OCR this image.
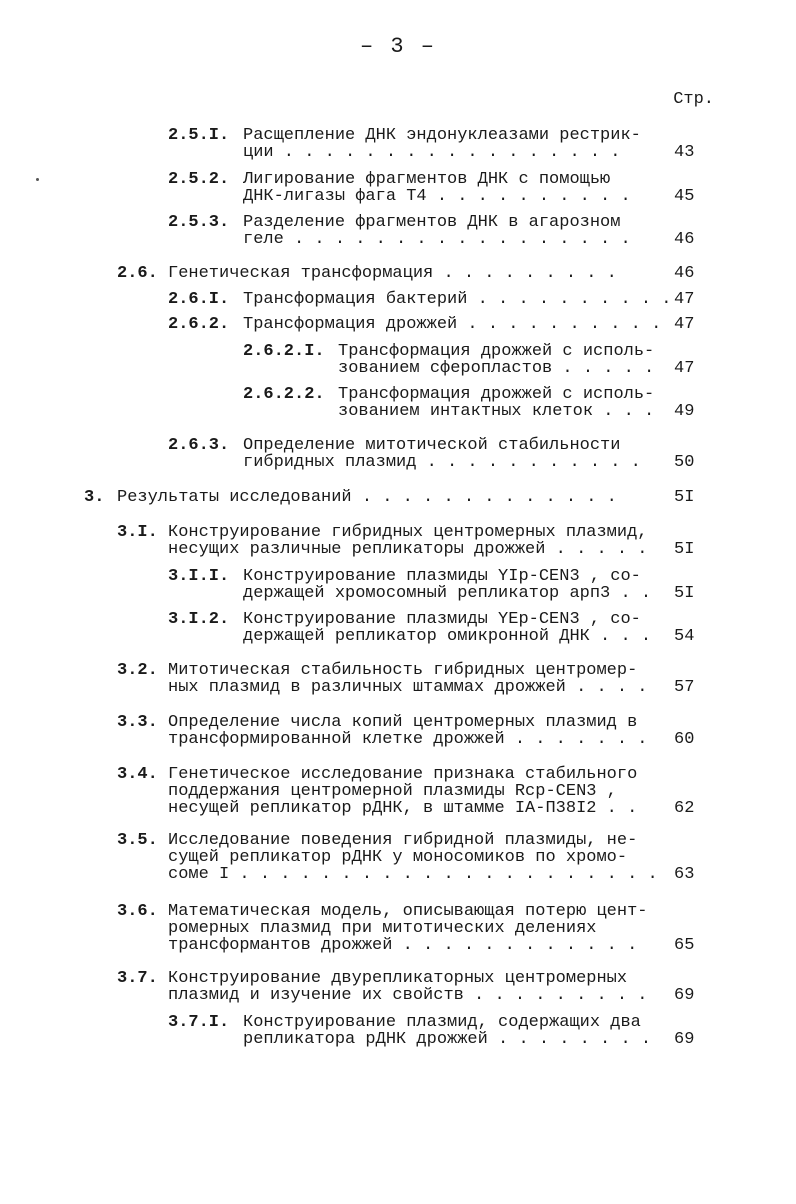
– 3 –
Стр.
2.5.I. Расщепление ДНК эндонуклеазами рестрик-
ции . . . . . . . . . . . . . . . . .	43
2.5.2. Лигирование фрагментов ДНК с помощью
ДНК-лигазы фага Т4 . . . . . . . . . .	45
2.5.3. Разделение фрагментов ДНК в агарозном
геле . . . . . . . . . . . . . . . . .	46
2.6. Генетическая трансформация . . . . . . . . .	46
2.6.I. Трансформация бактерий . . . . . . . . . . 47
2.6.2. Трансформация дрожжей . . . . . . . . . . 47
2.6.2.I. Трансформация дрожжей с исполь-
зованием сферопластов . . . . . 47
2.6.2.2. Трансформация дрожжей с исполь-
зованием интактных клеток . . . 49
2.6.3. Определение митотической стабильности
гибридных плазмид . . . . . . . . . . . 50
3. Результаты исследований . . . . . . . . . . . . .	5I
3.I. Конструирование гибридных центромерных плазмид,
несущих различные репликаторы дрожжей . . . . . 5I
3.I.I. Конструирование плазмиды YIp-CEN3 , со-
держащей хромосомный репликатор арп3 . . 5I
3.I.2. Конструирование плазмиды YEp-CEN3 , со-
держащей репликатор омикронной ДНК . . . 54
3.2. Митотическая стабильность гибридных центромер-
ных плазмид в различных штаммах дрожжей . . . . 57
3.3. Определение числа копий центромерных плазмид в
трансформированной клетке дрожжей . . . . . . . 60
3.4. Генетическое исследование признака стабильного
поддержания центромерной плазмиды Rcp-CEN3 ,
несущей репликатор рДНК, в штамме IA-П38I2 . . 62
3.5. Исследование поведения гибридной плазмиды, не-
сущей репликатор рДНК у моносомиков по хромо-
соме I . . . . . . . . . . . . . . . . . . . . . 63
3.6. Математическая модель, описывающая потерю цент-
ромерных плазмид при митотических делениях
трансформантов дрожжей . . . . . . . . . . . . 65
3.7. Конструирование двурепликаторных центромерных
плазмид и изучение их свойств . . . . . . . . . 69
3.7.I. Конструирование плазмид, содержащих два
репликатора рДНК дрожжей . . . . . . . . 69
